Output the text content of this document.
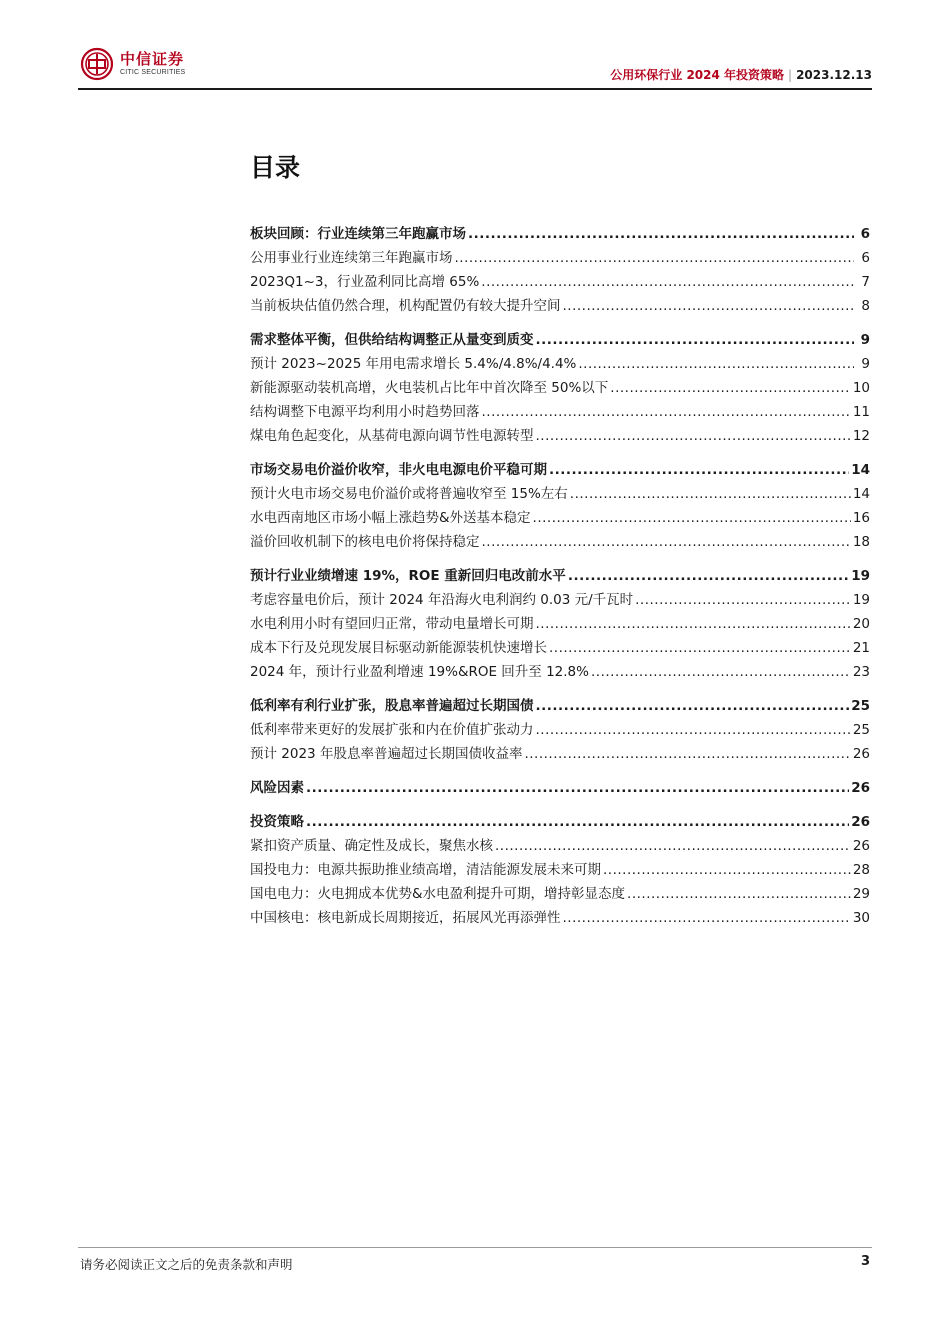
中信证券
CITIC SECURITIES	公用环保行业 2024 年投资策略 | 2023.12.13
目录
板块回顾：行业连续第三年跑赢市场 .....	6
公用事业行业连续第三年跑赢市场 .....	6
2023Q1~3，行业盈利同比高增 65% .....	7
当前板块估值仍然合理，机构配置仍有较大提升空间 .....	8
需求整体平衡，但供给结构调整正从量变到质变 .....	9
预计 2023~2025 年用电需求增长 5.4%/4.8%/4.4% .....	9
新能源驱动装机高增，火电装机占比年中首次降至 50%以下 .....	10
结构调整下电源平均利用小时趋势回落 .....	11
煤电角色起变化，从基荷电源向调节性电源转型 .....	12
市场交易电价溢价收窄，非火电电源电价平稳可期 .....	14
预计火电市场交易电价溢价或将普遍收窄至 15%左右 .....	14
水电西南地区市场小幅上涨趋势&外送基本稳定 .....	16
溢价回收机制下的核电电价将保持稳定 .....	18
预计行业业绩增速 19%，ROE 重新回归电改前水平 .....	19
考虑容量电价后，预计 2024 年沿海火电利润约 0.03 元/千瓦时 .....	19
水电利用小时有望回归正常，带动电量增长可期 .....	20
成本下行及兑现发展目标驱动新能源装机快速增长 .....	21
2024 年，预计行业盈利增速 19%&ROE 回升至 12.8% .....	23
低利率有利行业扩张，股息率普遍超过长期国债 .....	25
低利率带来更好的发展扩张和内在价值扩张动力 .....	25
预计 2023 年股息率普遍超过长期国债收益率 .....	26
风险因素 .....	26
投资策略 .....	26
紧扣资产质量、确定性及成长，聚焦水核 .....	26
国投电力：电源共振助推业绩高增，清洁能源发展未来可期 .....	28
国电电力：火电拥成本优势&水电盈利提升可期，增持彰显态度 .....	29
中国核电：核电新成长周期接近，拓展风光再添弹性 .....	30
请务必阅读正文之后的免责条款和声明	3
